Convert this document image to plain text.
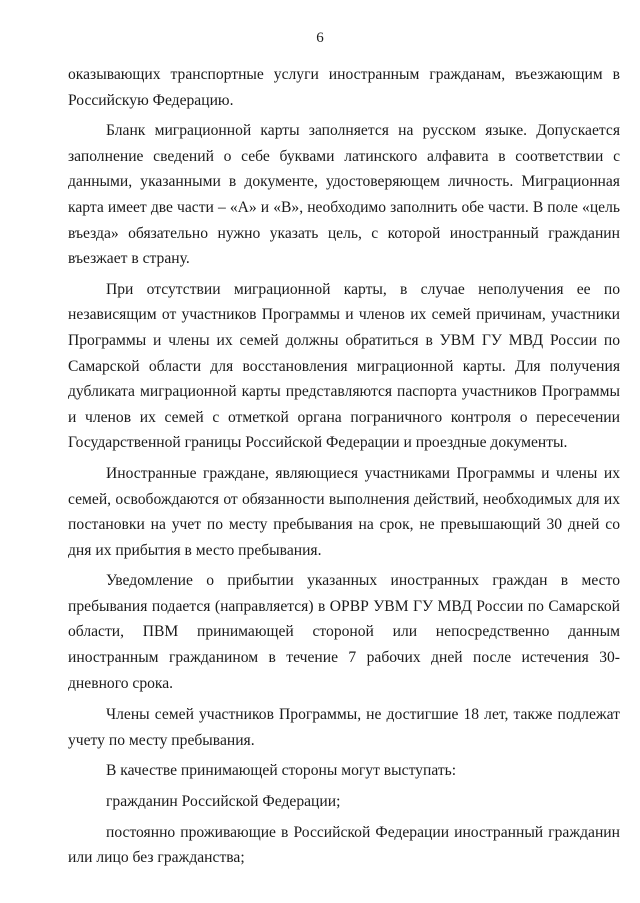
6

оказывающих транспортные услуги иностранным гражданам, въезжающим в Российскую Федерацию.

Бланк миграционной карты заполняется на русском языке. Допускается заполнение сведений о себе буквами латинского алфавита в соответствии с данными, указанными в документе, удостоверяющем личность. Миграционная карта имеет две части – «А» и «В», необходимо заполнить обе части. В поле «цель въезда» обязательно нужно указать цель, с которой иностранный гражданин въезжает в страну.

При отсутствии миграционной карты, в случае неполучения ее по независящим от участников Программы и членов их семей причинам, участники Программы и члены их семей должны обратиться в УВМ ГУ МВД России по Самарской области для восстановления миграционной карты. Для получения дубликата миграционной карты представляются паспорта участников Программы и членов их семей с отметкой органа пограничного контроля о пересечении Государственной границы Российской Федерации и проездные документы.

Иностранные граждане, являющиеся участниками Программы и члены их семей, освобождаются от обязанности выполнения действий, необходимых для их постановки на учет по месту пребывания на срок, не превышающий 30 дней со дня их прибытия в место пребывания.

Уведомление о прибытии указанных иностранных граждан в место пребывания подается (направляется) в ОРВР УВМ ГУ МВД России по Самарской области, ПВМ принимающей стороной или непосредственно данным иностранным гражданином в течение 7 рабочих дней после истечения 30-дневного срока.

Члены семей участников Программы, не достигшие 18 лет, также подлежат учету по месту пребывания.

В качестве принимающей стороны могут выступать:

гражданин Российской Федерации;

постоянно проживающие в Российской Федерации иностранный гражданин или лицо без гражданства;
